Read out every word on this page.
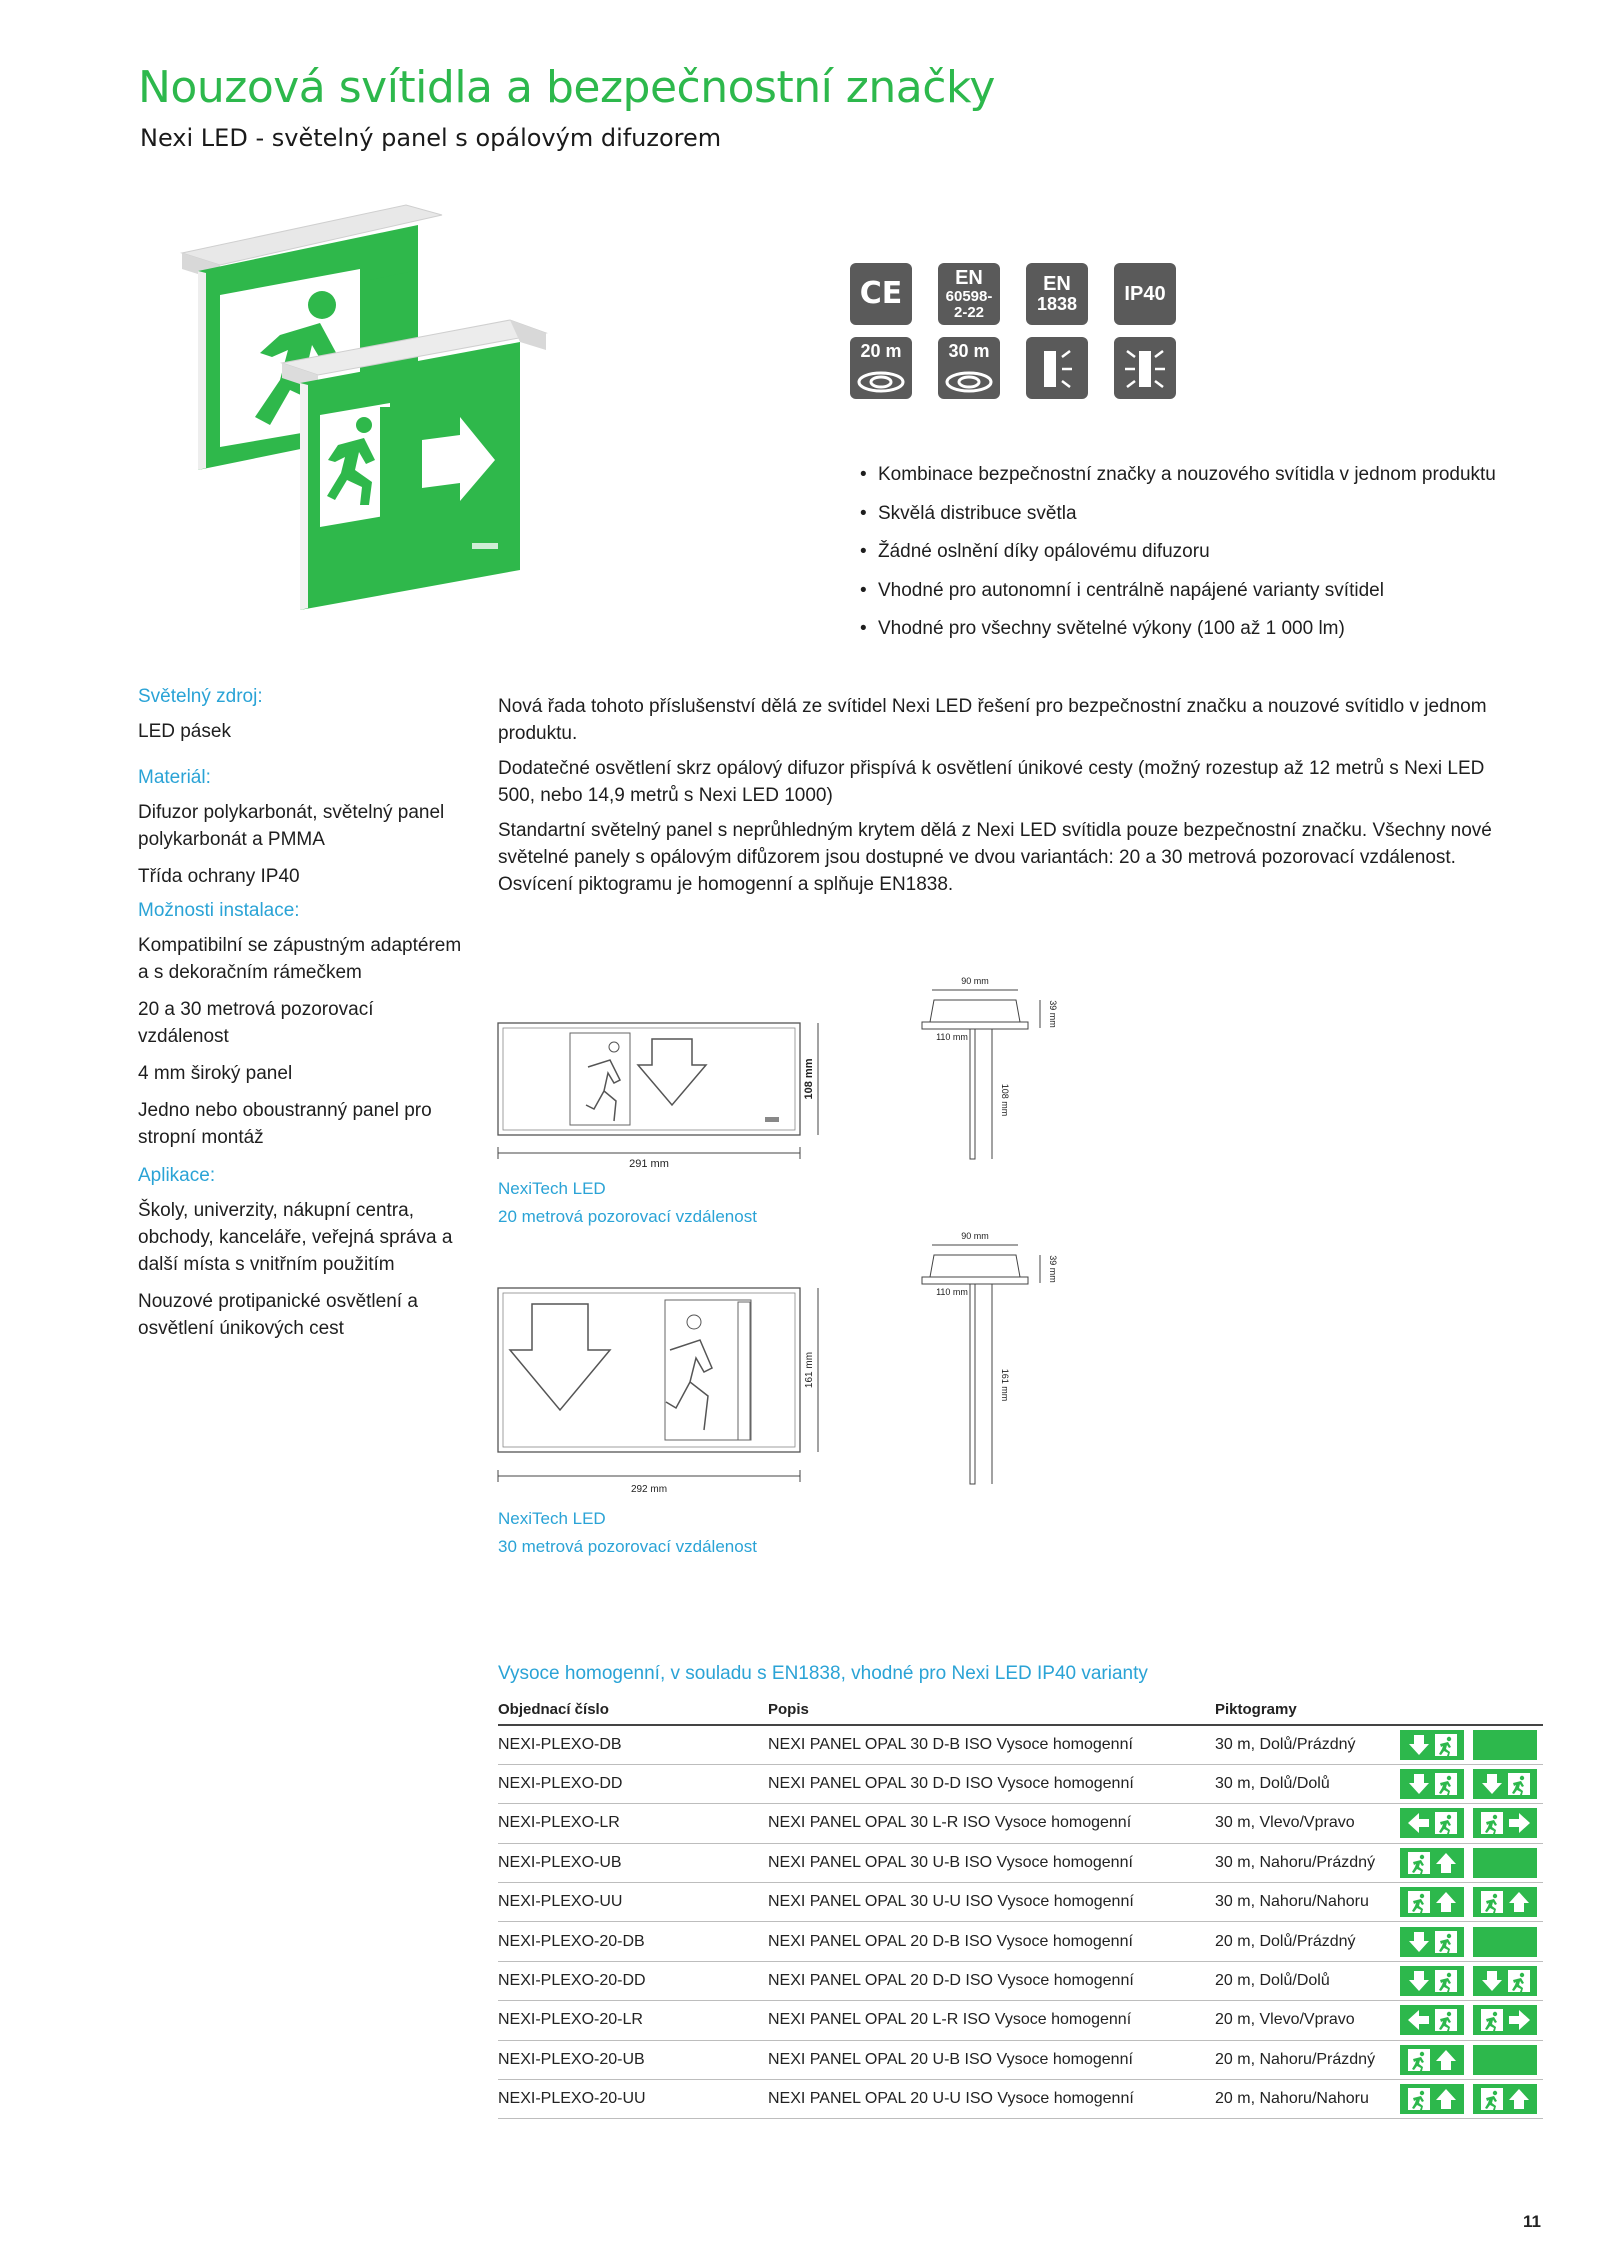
Nouzová svítidla a bezpečnostní značky
Nexi LED - světelný panel s opálovým difuzorem
CE	EN
60598-
2-22
EN
1838 IP40
20 m	30 m
• Kombinace bezpečnostní značky a nouzového svítidla v jednom produktu
• Skvělá distribuce světla
• Žádné oslnění díky opálovému difuzoru
• Vhodné pro autonomní i centrálně napájené varianty svítidel
• Vhodné pro všechny světelné výkony (100 až 1 000 lm)
Světelný zdroj:
LED pásek
Materiál:
Difuzor polykarbonát, světelný panel polykarbonát a PMMA
Třída ochrany IP40
Možnosti instalace:
Kompatibilní se zápustným adaptérem a s dekoračním rámečkem
20 a 30 metrová pozorovací vzdálenost
4 mm široký panel
Jedno nebo oboustranný panel pro stropní montáž
Aplikace:
Školy, univerzity, nákupní centra, obchody, kanceláře, veřejná správa a další místa s vnitřním použitím
Nouzové protipanické osvětlení a osvětlení únikových cest

Nová řada tohoto příslušenství dělá ze svítidel Nexi LED řešení pro bezpečnostní značku a nouzové svítidlo v jednom produktu.

Dodatečné osvětlení skrz opálový difuzor přispívá k osvětlení únikové cesty (možný rozestup až 12 metrů s Nexi LED 500, nebo 14,9 metrů s Nexi LED 1000)

Standartní světelný panel s neprůhledným krytem dělá z Nexi LED svítidla pouze bezpečnostní značku. Všechny nové světelné panely s opálovým difůzorem jsou dostupné ve dvou variantách: 20 a 30 metrová pozorovací vzdálenost. Osvícení piktogramu je homogenní a splňuje EN1838.

291 mm
108 mm
90 mm
39 mm
110 mm
108 mm
NexiTech LED
20 metrová pozorovací vzdálenost
292 mm
161 mm
90 mm
39 mm
110 mm
161 mm
NexiTech LED
30 metrová pozorovací vzdálenost
Vysoce homogenní, v souladu s EN1838, vhodné pro Nexi LED IP40 varianty
Objednací číslo	Popis	Piktogramy	
NEXI-PLEXO-DB	NEXI PANEL OPAL 30 D-B ISO Vysoce homogenní	30 m, Dolů/Prázdný	

NEXI-PLEXO-DD	NEXI PANEL OPAL 30 D-D ISO Vysoce homogenní	30 m, Dolů/Dolů	

NEXI-PLEXO-LR	NEXI PANEL OPAL 30 L-R ISO Vysoce homogenní	30 m, Vlevo/Vpravo	

NEXI-PLEXO-UB	NEXI PANEL OPAL 30 U-B ISO Vysoce homogenní	30 m, Nahoru/Prázdný	

NEXI-PLEXO-UU	NEXI PANEL OPAL 30 U-U ISO Vysoce homogenní	30 m, Nahoru/Nahoru	

NEXI-PLEXO-20-DB	NEXI PANEL OPAL 20 D-B ISO Vysoce homogenní	20 m, Dolů/Prázdný	

NEXI-PLEXO-20-DD	NEXI PANEL OPAL 20 D-D ISO Vysoce homogenní	20 m, Dolů/Dolů	

NEXI-PLEXO-20-LR	NEXI PANEL OPAL 20 L-R ISO Vysoce homogenní	20 m, Vlevo/Vpravo	

NEXI-PLEXO-20-UB	NEXI PANEL OPAL 20 U-B ISO Vysoce homogenní	20 m, Nahoru/Prázdný	

NEXI-PLEXO-20-UU	NEXI PANEL OPAL 20 U-U ISO Vysoce homogenní	20 m, Nahoru/Nahoru	
11
